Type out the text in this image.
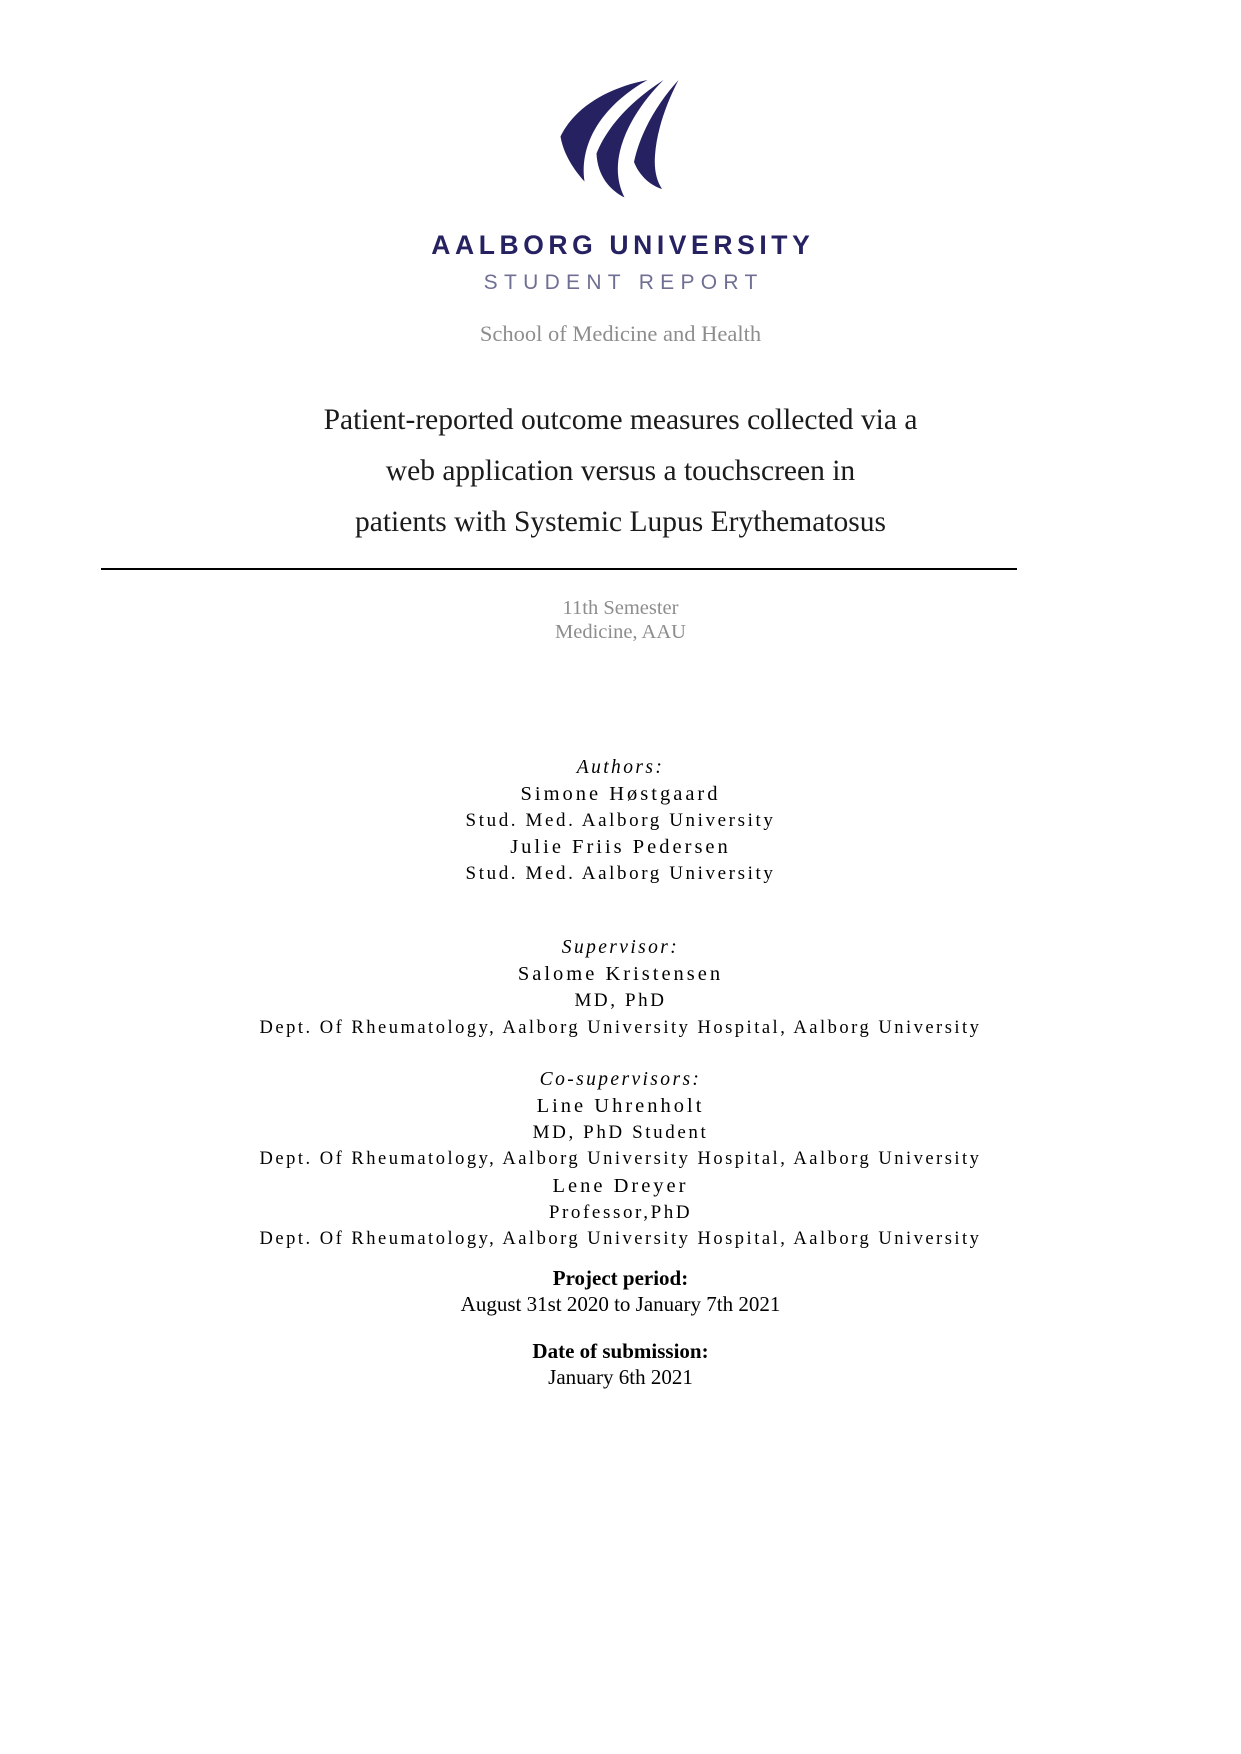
AALBORG UNIVERSITY
STUDENT REPORT
School of Medicine and Health
Patient-reported outcome measures collected via a
web application versus a touchscreen in
patients with Systemic Lupus Erythematosus
11th Semester
Medicine, AAU
Authors:
Simone Høstgaard
Stud. Med. Aalborg University
Julie Friis Pedersen
Stud. Med. Aalborg University
Supervisor:
Salome Kristensen
MD, PhD
Dept. Of Rheumatology, Aalborg University Hospital, Aalborg University
Co-supervisors:
Line Uhrenholt
MD, PhD Student
Dept. Of Rheumatology, Aalborg University Hospital, Aalborg University
Lene Dreyer
Professor,PhD
Dept. Of Rheumatology, Aalborg University Hospital, Aalborg University
Project period:
August 31st 2020 to January 7th 2021
Date of submission:
January 6th 2021
